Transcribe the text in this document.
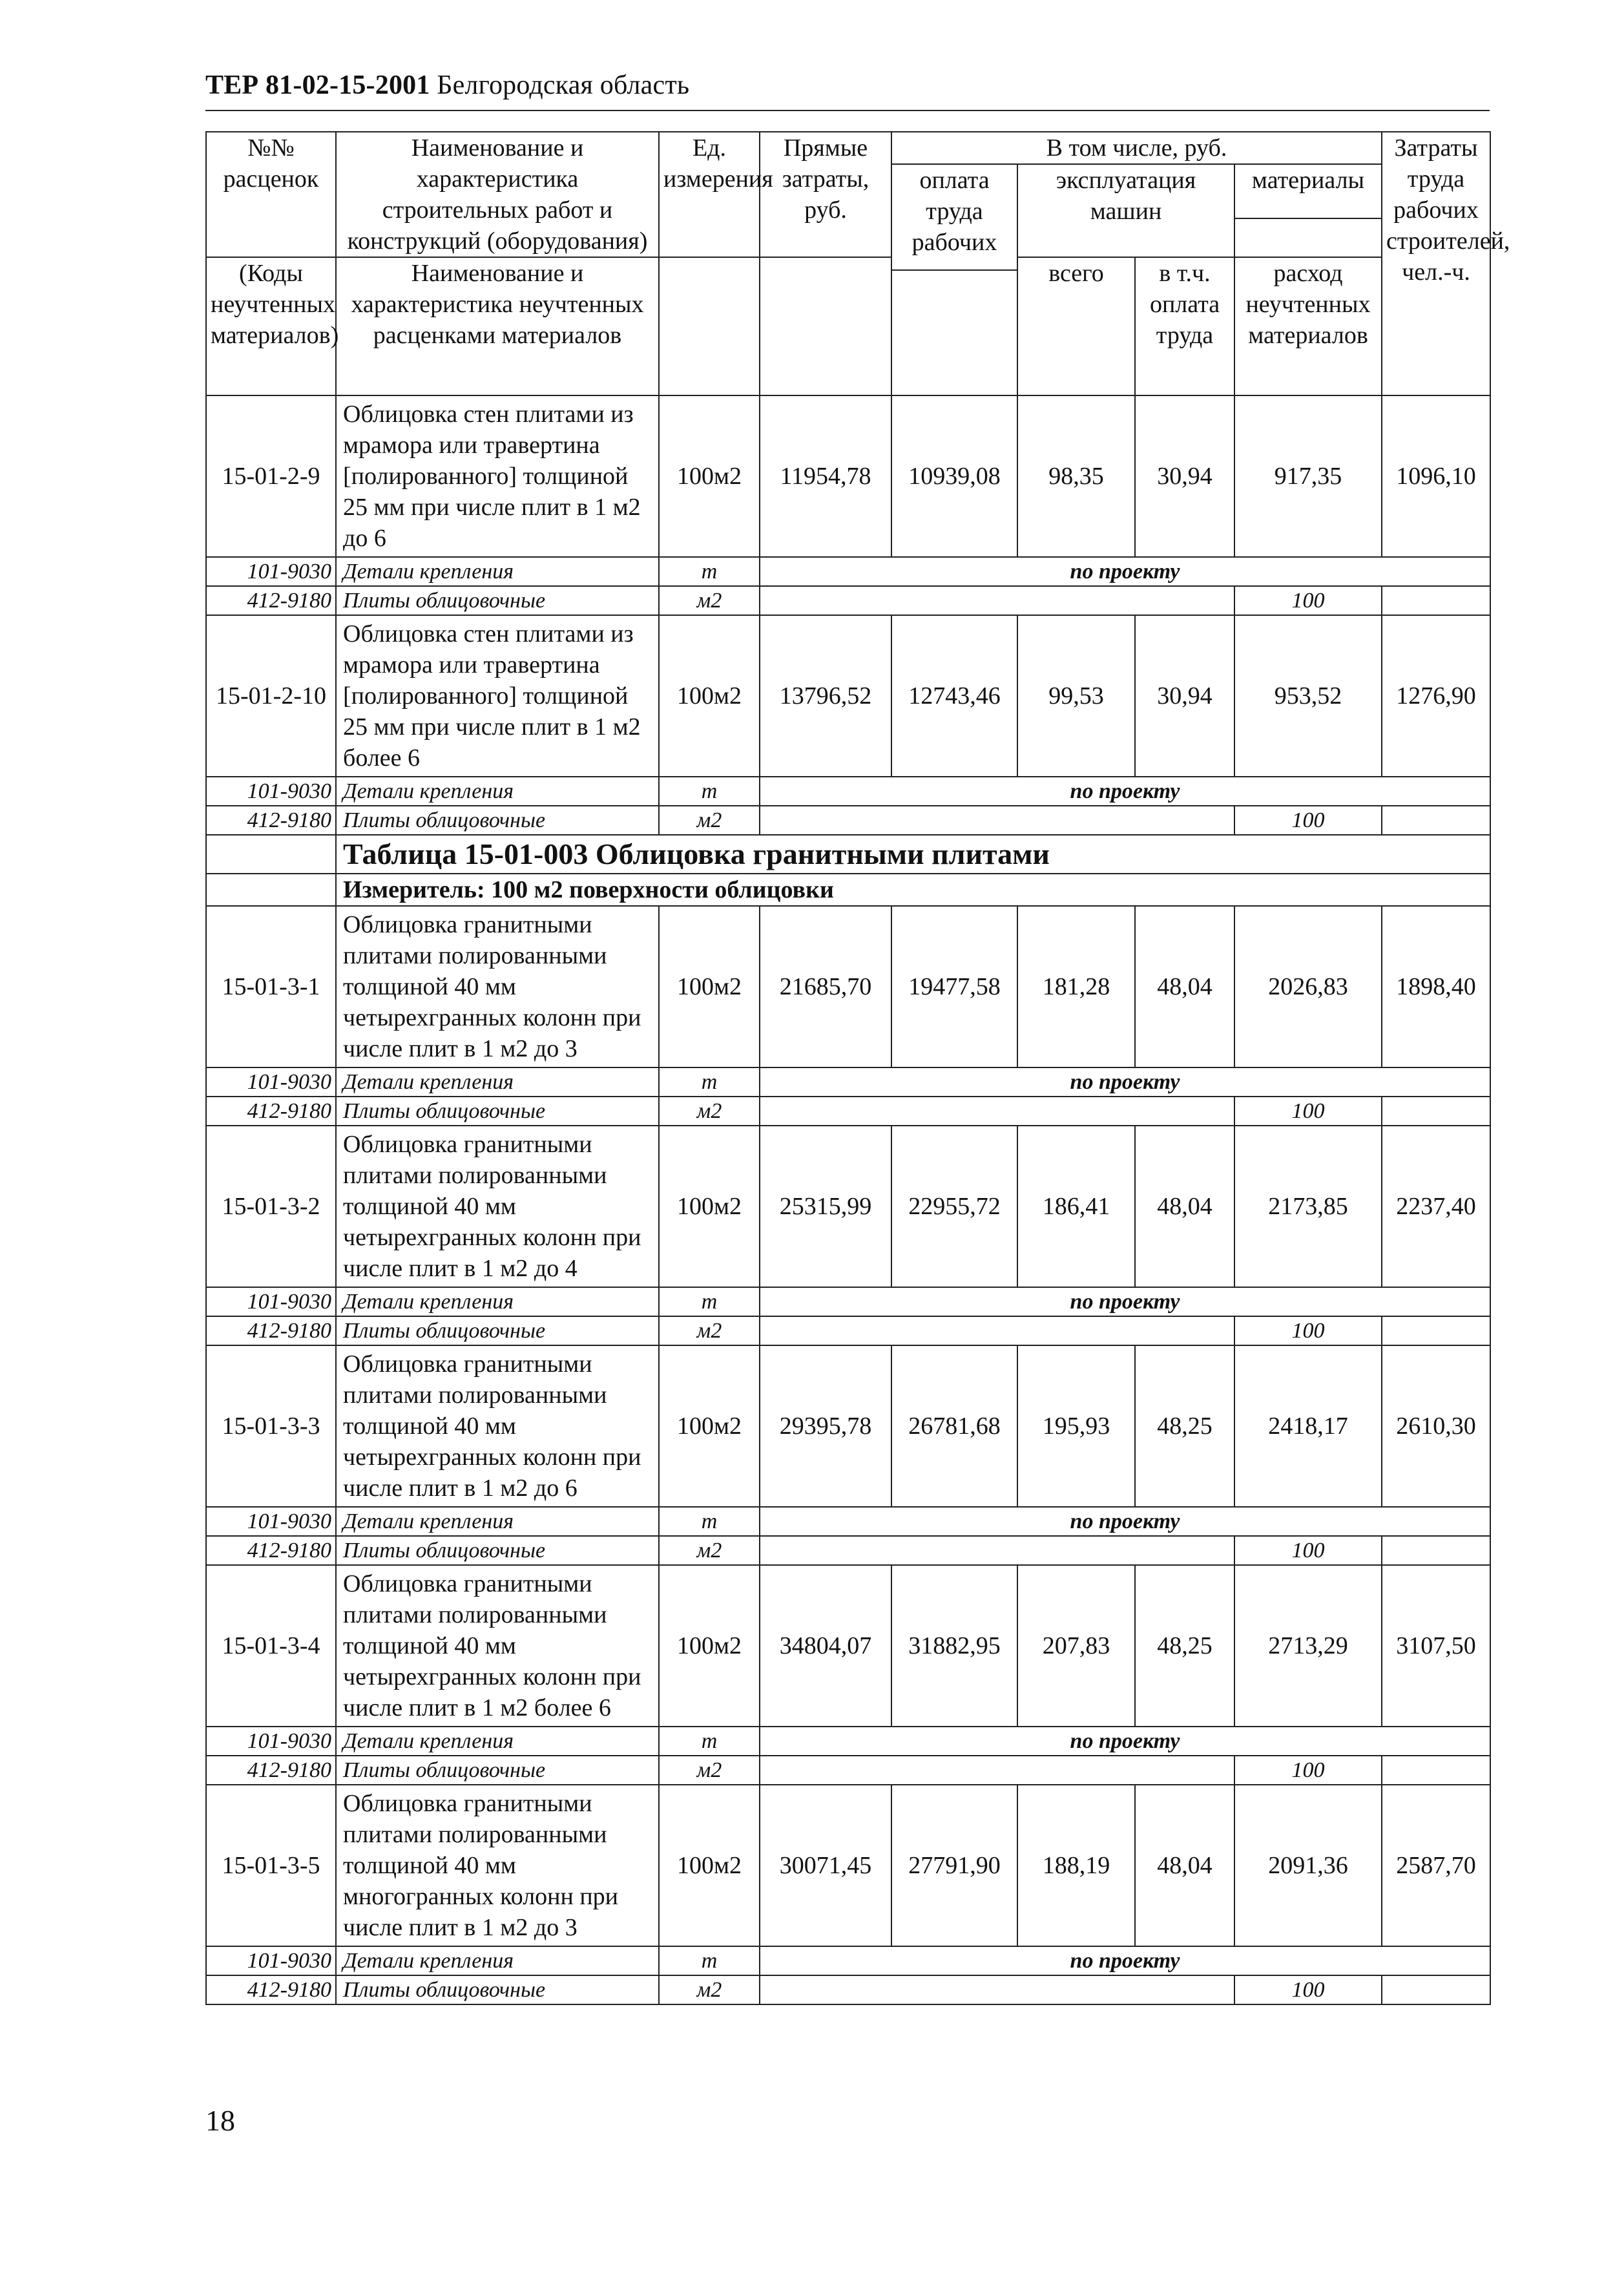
ТЕР 81-02-15-2001 Белгородская область
№№ расценок	Наименование и характеристика строительных работ и конструкций (оборудования)	Ед. измерения	Прямые затраты, руб.	В том числе, руб.				Затраты труда рабочих строителей, чел.-ч.
				оплата труда рабочих	эксплуатация машин		материалы	

(Коды неучтенных материалов)	Наименование и характеристика неучтенных расценками материалов				всего	в т.ч. оплата труда	расход неучтенных материалов	

15-01-2-9	Облицовка стен плитами из мрамора или травертина [полированного] толщиной 25 мм при числе плит в 1 м2 до 6	100м2	11954,78	10939,08	98,35	30,94	917,35	1096,10
101-9030	Детали крепления	т	по проекту					
412-9180	Плиты облицовочные	м2					100	
15-01-2-10	Облицовка стен плитами из мрамора или травертина [полированного] толщиной 25 мм при числе плит в 1 м2 более 6	100м2	13796,52	12743,46	99,53	30,94	953,52	1276,90
101-9030	Детали крепления	т	по проекту					
412-9180	Плиты облицовочные	м2					100	
	Таблица 15-01-003 Облицовка гранитными плитами							
	Измеритель: 100 м2 поверхности облицовки							
15-01-3-1	Облицовка гранитными плитами полированными толщиной 40 мм четырехгранных колонн при числе плит в 1 м2 до 3	100м2	21685,70	19477,58	181,28	48,04	2026,83	1898,40
101-9030	Детали крепления	т	по проекту					
412-9180	Плиты облицовочные	м2					100	
15-01-3-2	Облицовка гранитными плитами полированными толщиной 40 мм четырехгранных колонн при числе плит в 1 м2 до 4	100м2	25315,99	22955,72	186,41	48,04	2173,85	2237,40
101-9030	Детали крепления	т	по проекту					
412-9180	Плиты облицовочные	м2					100	
15-01-3-3	Облицовка гранитными плитами полированными толщиной 40 мм четырехгранных колонн при числе плит в 1 м2 до 6	100м2	29395,78	26781,68	195,93	48,25	2418,17	2610,30
101-9030	Детали крепления	т	по проекту					
412-9180	Плиты облицовочные	м2					100	
15-01-3-4	Облицовка гранитными плитами полированными толщиной 40 мм четырехгранных колонн при числе плит в 1 м2 более 6	100м2	34804,07	31882,95	207,83	48,25	2713,29	3107,50
101-9030	Детали крепления	т	по проекту					
412-9180	Плиты облицовочные	м2					100	
15-01-3-5	Облицовка гранитными плитами полированными толщиной 40 мм многогранных колонн при числе плит в 1 м2 до 3	100м2	30071,45	27791,90	188,19	48,04	2091,36	2587,70
101-9030	Детали крепления	т	по проекту					
412-9180	Плиты облицовочные	м2					100	
18
